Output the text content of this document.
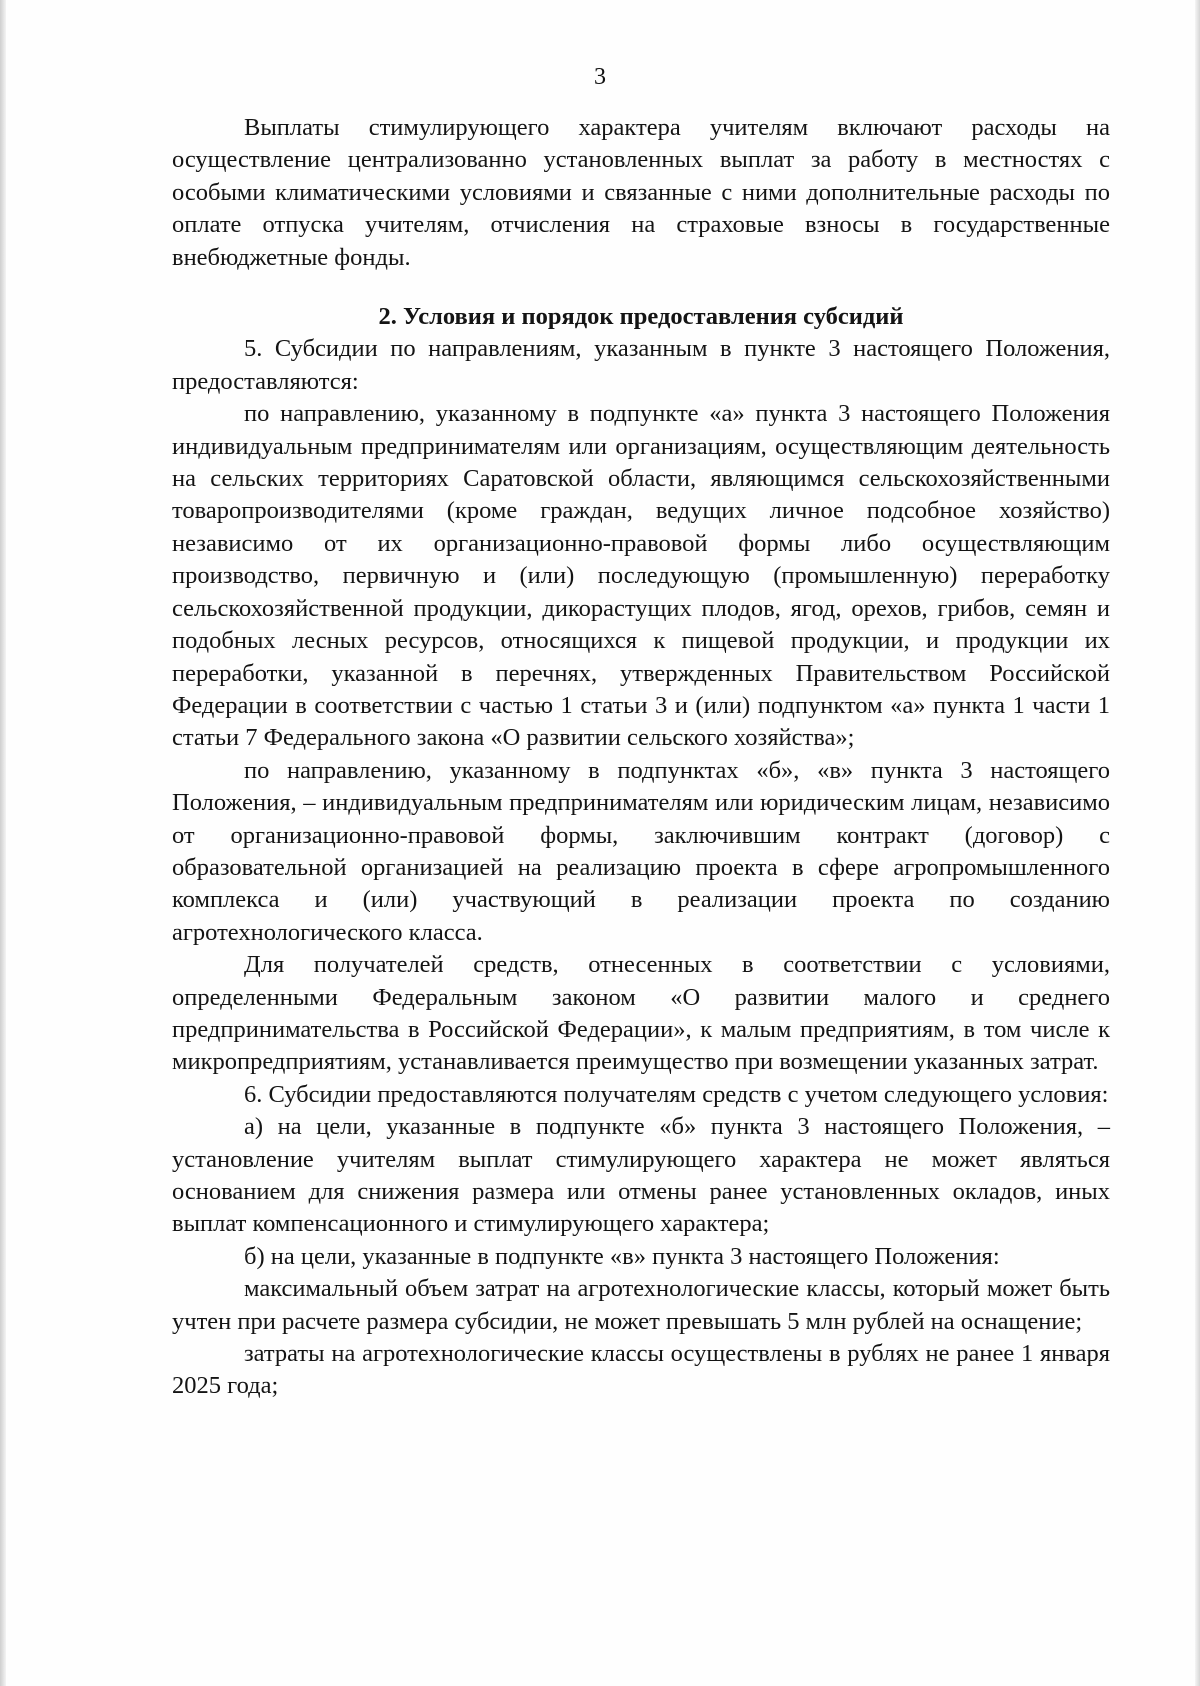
3

Выплаты стимулирующего характера учителям включают расходы на осуществление централизованно установленных выплат за работу в местностях с особыми климатическими условиями и связанные с ними дополнительные расходы по оплате отпуска учителям, отчисления на страховые взносы в государственные внебюджетные фонды.

2. Условия и порядок предоставления субсидий

5. Субсидии по направлениям, указанным в пункте 3 настоящего Положения, предоставляются:

по направлению, указанному в подпункте «а» пункта 3 настоящего Положения индивидуальным предпринимателям или организациям, осуществляющим деятельность на сельских территориях Саратовской области, являющимся сельскохозяйственными товаропроизводителями (кроме граждан, ведущих личное подсобное хозяйство) независимо от их организационно-правовой формы либо осуществляющим производство, первичную и (или) последующую (промышленную) переработку сельскохозяйственной продукции, дикорастущих плодов, ягод, орехов, грибов, семян и подобных лесных ресурсов, относящихся к пищевой продукции, и продукции их переработки, указанной в перечнях, утвержденных Правительством Российской Федерации в соответствии с частью 1 статьи 3 и (или) подпунктом «а» пункта 1 части 1 статьи 7 Федерального закона «О развитии сельского хозяйства»;

по направлению, указанному в подпунктах «б», «в» пункта 3 настоящего Положения, – индивидуальным предпринимателям или юридическим лицам, независимо от организационно-правовой формы, заключившим контракт (договор) с образовательной организацией на реализацию проекта в сфере агропромышленного комплекса и (или) участвующий в реализации проекта по созданию агротехнологического класса.

Для получателей средств, отнесенных в соответствии с условиями, определенными Федеральным законом «О развитии малого и среднего предпринимательства в Российской Федерации», к малым предприятиям, в том числе к микропредприятиям, устанавливается преимущество при возмещении указанных затрат.

6. Субсидии предоставляются получателям средств с учетом следующего условия:

а) на цели, указанные в подпункте «б» пункта 3 настоящего Положения, – установление учителям выплат стимулирующего характера не может являться основанием для снижения размера или отмены ранее установленных окладов, иных выплат компенсационного и стимулирующего характера;

б) на цели, указанные в подпункте «в» пункта 3 настоящего Положения:

максимальный объем затрат на агротехнологические классы, который может быть учтен при расчете размера субсидии, не может превышать 5 млн рублей на оснащение;

затраты на агротехнологические классы осуществлены в рублях не ранее 1 января 2025 года;
